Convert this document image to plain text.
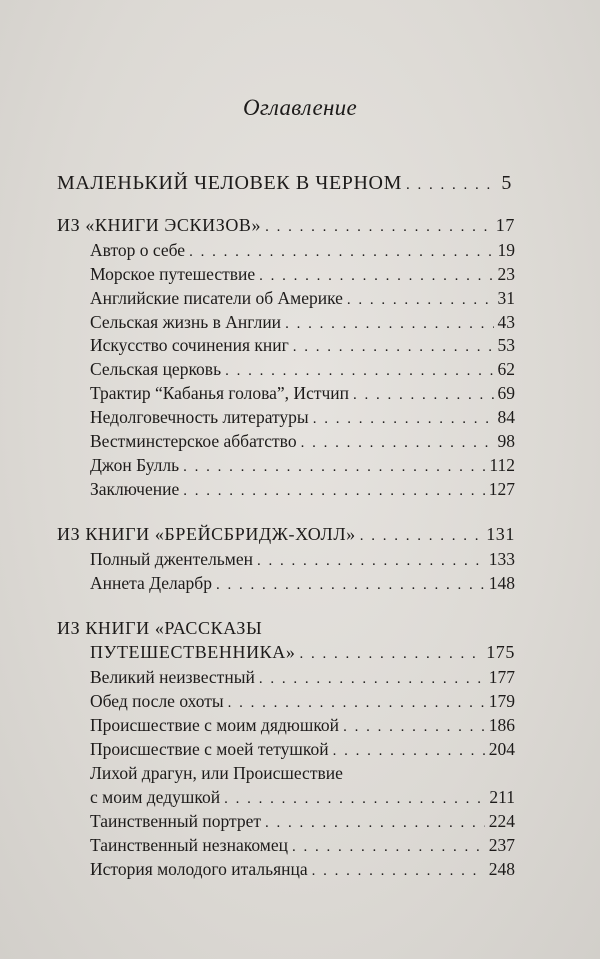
Оглавление
МАЛЕНЬКИЙ ЧЕЛОВЕК В ЧЕРНОМ . . .	5
ИЗ «КНИГИ ЭСКИЗОВ» . . .	17
Автор о себе . . .	19
Морское путешествие . . .	23
Английские писатели об Америке . . .	31
Сельская жизнь в Англии . . .	43
Искусство сочинения книг . . .	53
Сельская церковь . . .	62
Трактир “Кабанья голова”, Истчип . . .	69
Недолговечность литературы . . .	84
Вестминстерское аббатство . . .	98
Джон Булль . . .	112
Заключение . . .	127
ИЗ КНИГИ «БРЕЙСБРИДЖ-ХОЛЛ» . . .	131
Полный джентельмен . . .	133
Аннета Деларбр . . .	148
ИЗ КНИГИ «РАССКАЗЫ
ПУТЕШЕСТВЕННИКА» . . .	175
Великий неизвестный . . .	177
Обед после охоты . . .	179
Происшествие с моим дядюшкой . . .	186
Происшествие с моей тетушкой . . .	204
Лихой драгун, или Происшествие
с моим дедушкой . . .	211
Таинственный портрет . . .	224
Таинственный незнакомец . . .	237
История молодого итальянца . . .	248
